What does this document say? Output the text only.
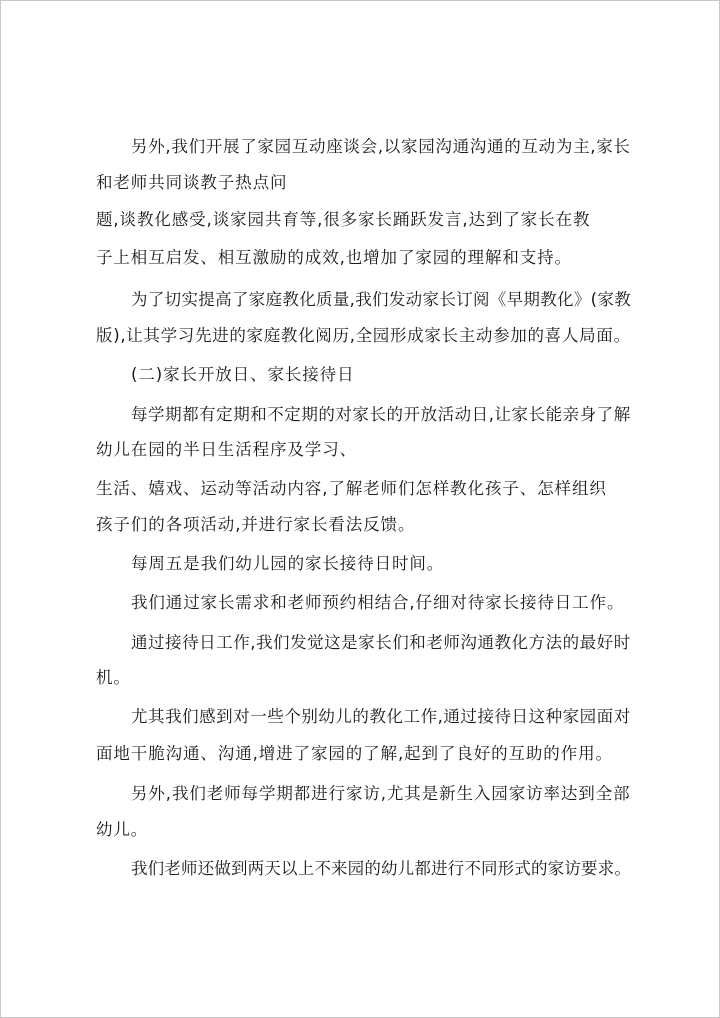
另外,我们开展了家园互动座谈会,以家园沟通沟通的互动为主,家长
和老师共同谈教子热点问
题,谈教化感受,谈家园共育等,很多家长踊跃发言,达到了家长在教
子上相互启发、相互激励的成效,也增加了家园的理解和支持。
为了切实提高了家庭教化质量,我们发动家长订阅《早期教化》(家教
版),让其学习先进的家庭教化阅历,全园形成家长主动参加的喜人局面。
(二)家长开放日、家长接待日
每学期都有定期和不定期的对家长的开放活动日,让家长能亲身了解
幼儿在园的半日生活程序及学习、
生活、嬉戏、运动等活动内容,了解老师们怎样教化孩子、怎样组织
孩子们的各项活动,并进行家长看法反馈。
每周五是我们幼儿园的家长接待日时间。
我们通过家长需求和老师预约相结合,仔细对待家长接待日工作。
通过接待日工作,我们发觉这是家长们和老师沟通教化方法的最好时
机。
尤其我们感到对一些个别幼儿的教化工作,通过接待日这种家园面对
面地干脆沟通、沟通,增进了家园的了解,起到了良好的互助的作用。
另外,我们老师每学期都进行家访,尤其是新生入园家访率达到全部
幼儿。
我们老师还做到两天以上不来园的幼儿都进行不同形式的家访要求。
